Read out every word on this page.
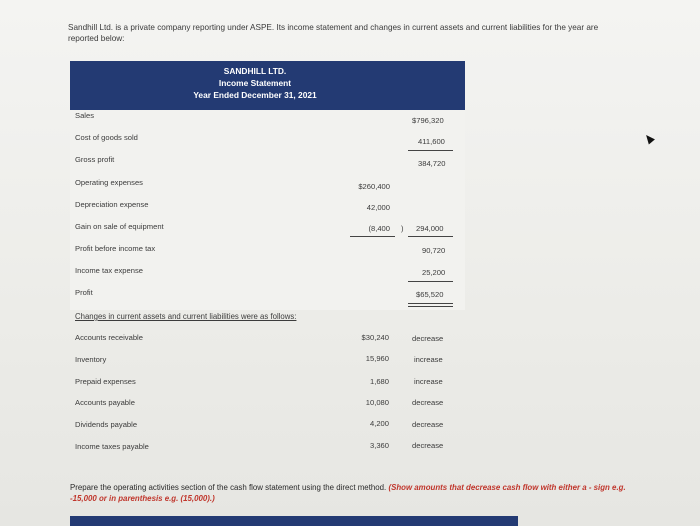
Sandhill Ltd. is a private company reporting under ASPE. Its income statement and changes in current assets and current liabilities for the year are reported below:
SANDHILL LTD.
Income Statement
Year Ended December 31, 2021
Sales
$796,320
Cost of goods sold	411,600
Gross profit	384,720
Operating expenses	$260,400
Depreciation expense	42,000
Gain on sale of equipment	(8,400 ) 294,000
Profit before income tax	90,720
Income tax expense	25,200
Profit	$65,520
Changes in current assets and current liabilities were as follows:
Accounts receivable	$30,240	decrease
Inventory	15,960	increase
Prepaid expenses	1,680	increase
Accounts payable	10,080	decrease
Dividends payable	4,200	decrease
Income taxes payable	3,360	decrease
Prepare the operating activities section of the cash flow statement using the direct method. (Show amounts that decrease cash flow with either a - sign e.g. -15,000 or in parenthesis e.g. (15,000).)
